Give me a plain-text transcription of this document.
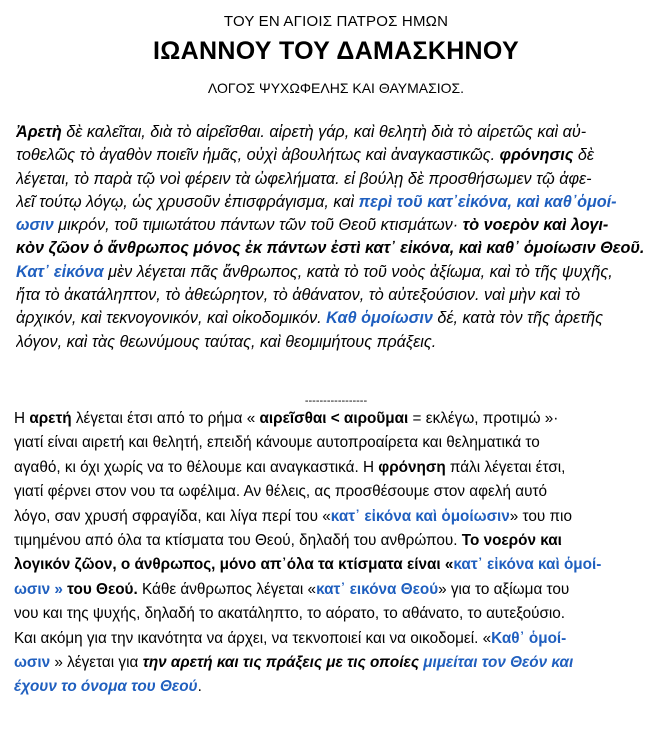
ΤΟΥ ΕΝ ΑΓΙΟΙΣ ΠΑΤΡΟΣ ΗΜΩΝ
ΙΩΑΝΝΟΥ ΤΟΥ ΔΑΜΑΣΚΗΝΟΥ
ΛΟΓΟΣ ΨΥΧΩΦΕΛΗΣ ΚΑΙ ΘΑΥΜΑΣΙΟΣ.
Ἀρετὴ δὲ καλεῖται, διὰ τὸ αἱρεῖσθαι. αἱρετὴ γάρ, καὶ θελητὴ διὰ τὸ αἱρετῶς καὶ αὐ-
τοθελῶς τὸ ἀγαθὸν ποιεῖν ἡμᾶς, οὐχὶ ἀβουλήτως καὶ ἀναγκαστικῶς. φρόνησις δὲ
λέγεται, τὸ παρὰ τῷ νοὶ φέρειν τὰ ὠφελήματα. εἰ βούλῃ δὲ προσθήσωμεν τῷ ἀφε-
λεῖ τούτῳ λόγῳ, ὡς χρυσοῦν ἐπισφράγισμα, καὶ περὶ τοῦ κατ᾿εἰκόνα, καὶ καθ᾿ὁμοί-
ωσιν μικρόν, τοῦ τιμιωτάτου πάντων τῶν τοῦ Θεοῦ κτισμάτων· τὸ νοερὸν καὶ λογι-
κὸν ζῶον ὁ ἄνθρωπος μόνος ἐκ πάντων ἐστὶ κατ᾿ εἰκόνα, καὶ καθ᾿ ὁμοίωσιν Θεοῦ.
Κατ᾿ εἰκόνα μὲν λέγεται πᾶς ἄνθρωπος, κατὰ τὸ τοῦ νοὸς ἀξίωμα, καὶ τὸ τῆς ψυχῆς,
ἤτα τὸ ἀκατάληπτον, τὸ ἀθεώρητον, τὸ ἀθάνατον, τὸ αὐτεξούσιον. ναὶ μὴν καὶ τὸ
ἀρχικόν, καὶ τεκνογονικόν, καὶ οἰκοδομικόν. Καθ ὁμοίωσιν δέ, κατὰ τὸν τῆς ἀρετῆς
λόγον, καὶ τὰς θεωνύμους ταύτας, καὶ θεομιμήτους πράξεις.
-----------------
Η αρετή λέγεται έτσι από το ρήμα « αιρεῖσθαι < αιροῦμαι = εκλέγω, προτιμώ »·
γιατί είναι αιρετή και θελητή, επειδή κάνουμε αυτοπροαίρετα και θεληματικά το
αγαθό, κι όχι χωρίς να το θέλουμε και αναγκαστικά. Η φρόνηση πάλι λέγεται έτσι,
γιατί φέρνει στον νου τα ωφέλιμα. Αν θέλεις, ας προσθέσουμε στον αφελή αυτό
λόγο, σαν χρυσή σφραγίδα, και λίγα περί του «κατ᾿ εἰκόνα καὶ ὁμοίωσιν» του πιο
τιμημένου από όλα τα κτίσματα του Θεού, δηλαδή του ανθρώπου. Το νοερόν και
λογικόν ζῶον, ο άνθρωπος, μόνο απ᾿όλα τα κτίσματα είναι «κατ᾿ εἰκόνα καὶ ὁμοί-
ωσιν » του Θεού. Κάθε άνθρωπος λέγεται «κατ᾿ εικόνα Θεού» για το αξίωμα του
νου και της ψυχής, δηλαδή το ακατάληπτο, το αόρατο, το αθάνατο, το αυτεξούσιο.
Και ακόμη για την ικανότητα να άρχει, να τεκνοποιεί και να οικοδομεί. «Καθ᾿ ὁμοί-
ωσιν » λέγεται για την αρετή και τις πράξεις με τις οποίες μιμείται τον Θεόν και
έχουν το όνομα του Θεού.
